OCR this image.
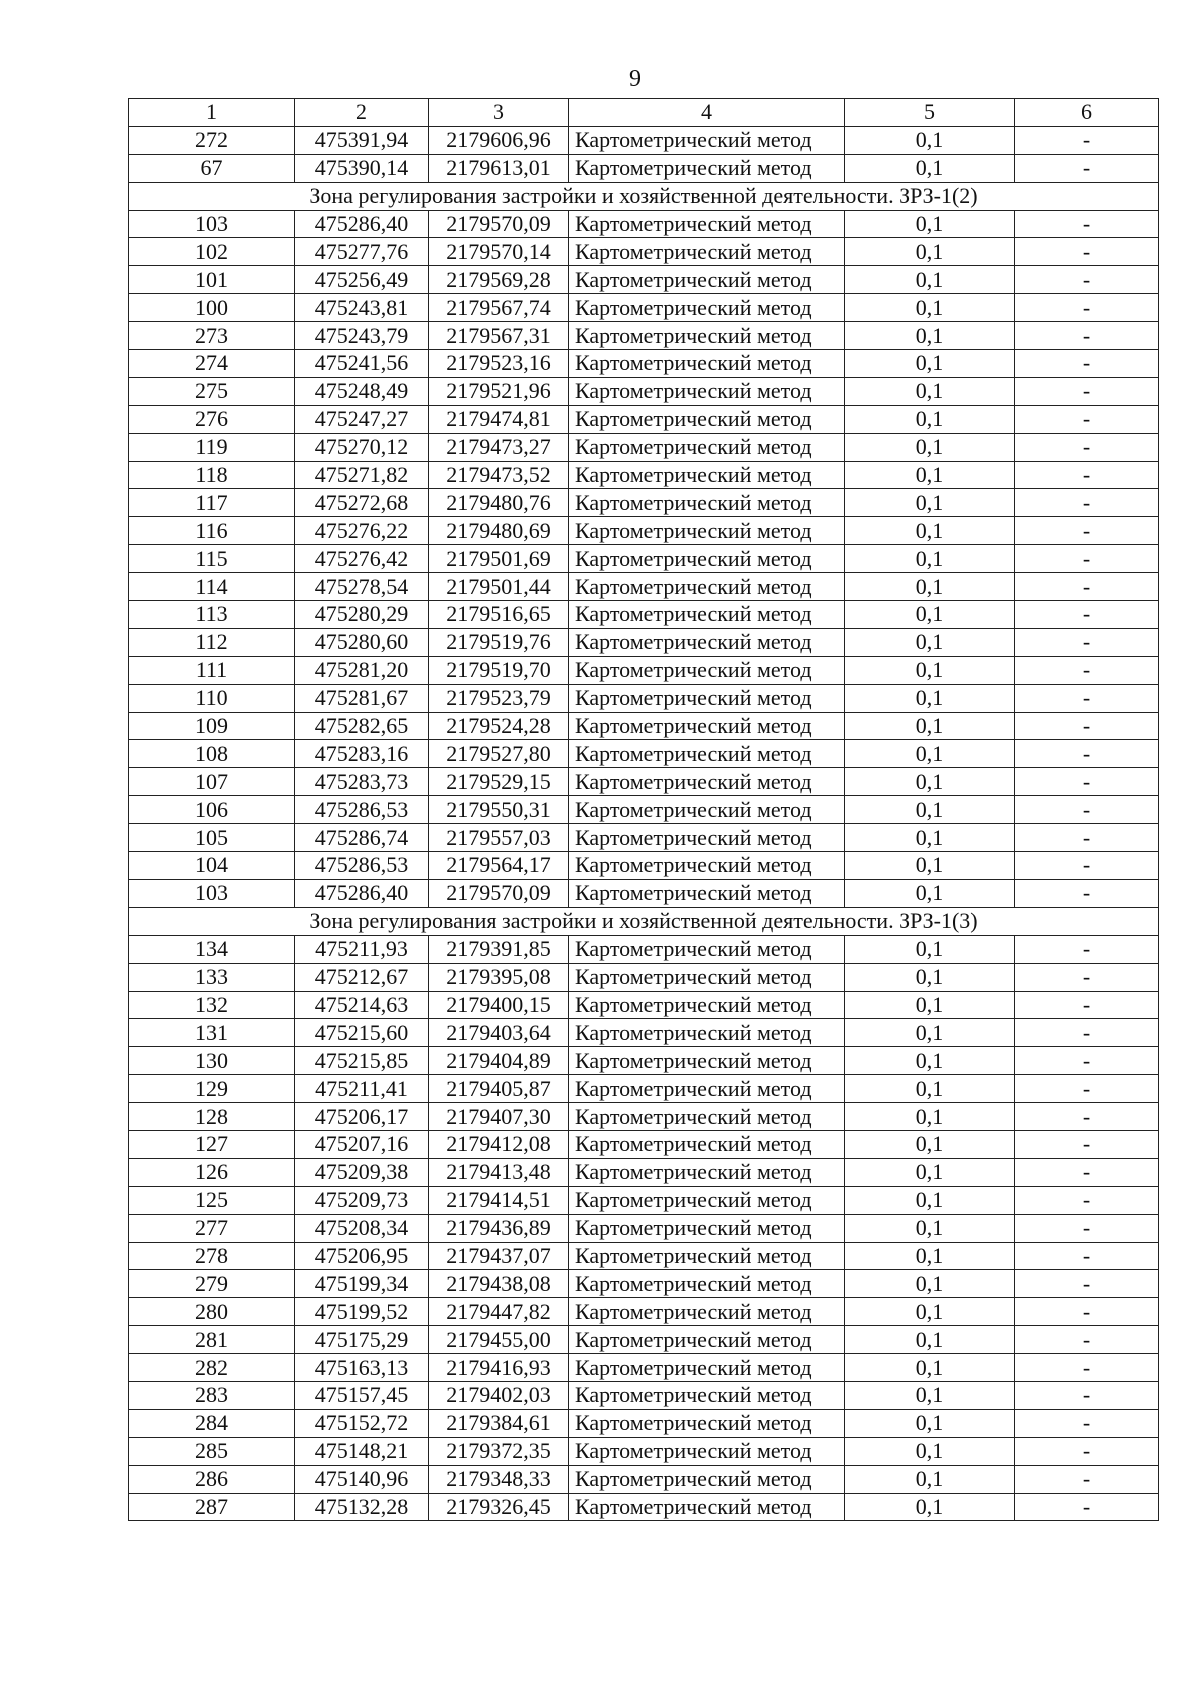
9
1	2	3	4	5	6
272	475391,94	2179606,96	Картометрический метод	0,1	-
67	475390,14	2179613,01	Картометрический метод	0,1	-
Зона регулирования застройки и хозяйственной деятельности. ЗРЗ-1(2)					
103	475286,40	2179570,09	Картометрический метод	0,1	-
102	475277,76	2179570,14	Картометрический метод	0,1	-
101	475256,49	2179569,28	Картометрический метод	0,1	-
100	475243,81	2179567,74	Картометрический метод	0,1	-
273	475243,79	2179567,31	Картометрический метод	0,1	-
274	475241,56	2179523,16	Картометрический метод	0,1	-
275	475248,49	2179521,96	Картометрический метод	0,1	-
276	475247,27	2179474,81	Картометрический метод	0,1	-
119	475270,12	2179473,27	Картометрический метод	0,1	-
118	475271,82	2179473,52	Картометрический метод	0,1	-
117	475272,68	2179480,76	Картометрический метод	0,1	-
116	475276,22	2179480,69	Картометрический метод	0,1	-
115	475276,42	2179501,69	Картометрический метод	0,1	-
114	475278,54	2179501,44	Картометрический метод	0,1	-
113	475280,29	2179516,65	Картометрический метод	0,1	-
112	475280,60	2179519,76	Картометрический метод	0,1	-
111	475281,20	2179519,70	Картометрический метод	0,1	-
110	475281,67	2179523,79	Картометрический метод	0,1	-
109	475282,65	2179524,28	Картометрический метод	0,1	-
108	475283,16	2179527,80	Картометрический метод	0,1	-
107	475283,73	2179529,15	Картометрический метод	0,1	-
106	475286,53	2179550,31	Картометрический метод	0,1	-
105	475286,74	2179557,03	Картометрический метод	0,1	-
104	475286,53	2179564,17	Картометрический метод	0,1	-
103	475286,40	2179570,09	Картометрический метод	0,1	-
Зона регулирования застройки и хозяйственной деятельности. ЗРЗ-1(3)					
134	475211,93	2179391,85	Картометрический метод	0,1	-
133	475212,67	2179395,08	Картометрический метод	0,1	-
132	475214,63	2179400,15	Картометрический метод	0,1	-
131	475215,60	2179403,64	Картометрический метод	0,1	-
130	475215,85	2179404,89	Картометрический метод	0,1	-
129	475211,41	2179405,87	Картометрический метод	0,1	-
128	475206,17	2179407,30	Картометрический метод	0,1	-
127	475207,16	2179412,08	Картометрический метод	0,1	-
126	475209,38	2179413,48	Картометрический метод	0,1	-
125	475209,73	2179414,51	Картометрический метод	0,1	-
277	475208,34	2179436,89	Картометрический метод	0,1	-
278	475206,95	2179437,07	Картометрический метод	0,1	-
279	475199,34	2179438,08	Картометрический метод	0,1	-
280	475199,52	2179447,82	Картометрический метод	0,1	-
281	475175,29	2179455,00	Картометрический метод	0,1	-
282	475163,13	2179416,93	Картометрический метод	0,1	-
283	475157,45	2179402,03	Картометрический метод	0,1	-
284	475152,72	2179384,61	Картометрический метод	0,1	-
285	475148,21	2179372,35	Картометрический метод	0,1	-
286	475140,96	2179348,33	Картометрический метод	0,1	-
287	475132,28	2179326,45	Картометрический метод	0,1	-
